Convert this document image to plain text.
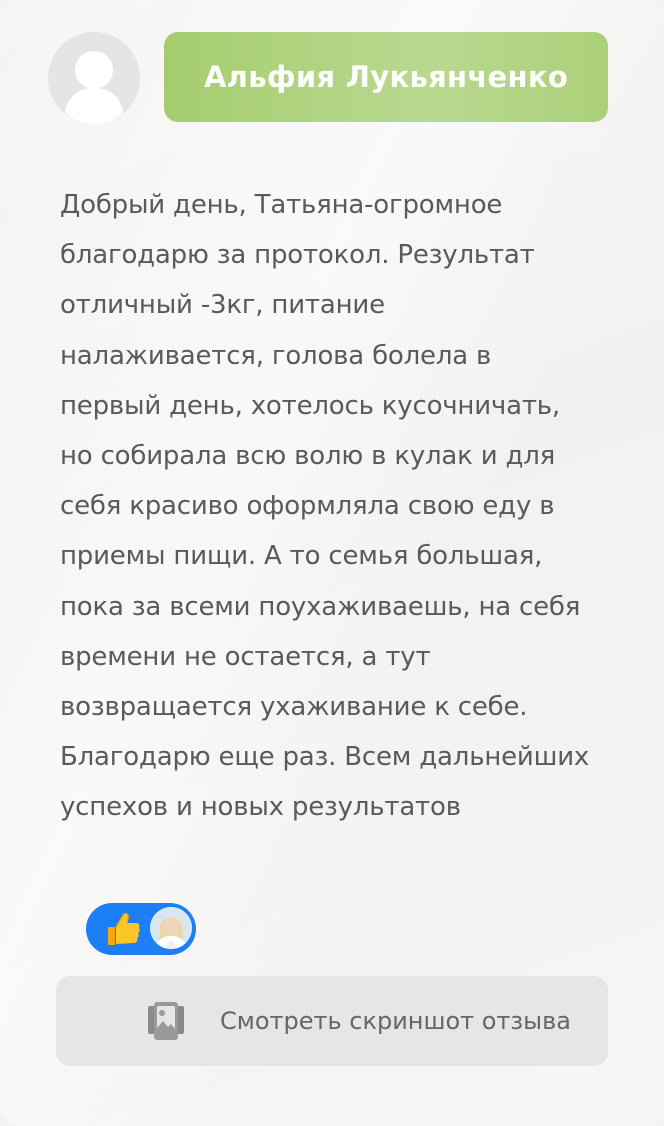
Альфия Лукьянченко
Добрый день, Татьяна-огромное
благодарю за протокол. Результат
отличный -3кг, питание
налаживается, голова болела в
первый день, хотелось кусочничать,
но собирала всю волю в кулак и для
себя красиво оформляла свою еду в
приемы пищи. А то семья большая,
пока за всеми поухаживаешь, на себя
времени не остается, а тут
возвращается ухаживание к себе.
Благодарю еще раз. Всем дальнейших
успехов и новых результатов
Смотреть скриншот отзыва
